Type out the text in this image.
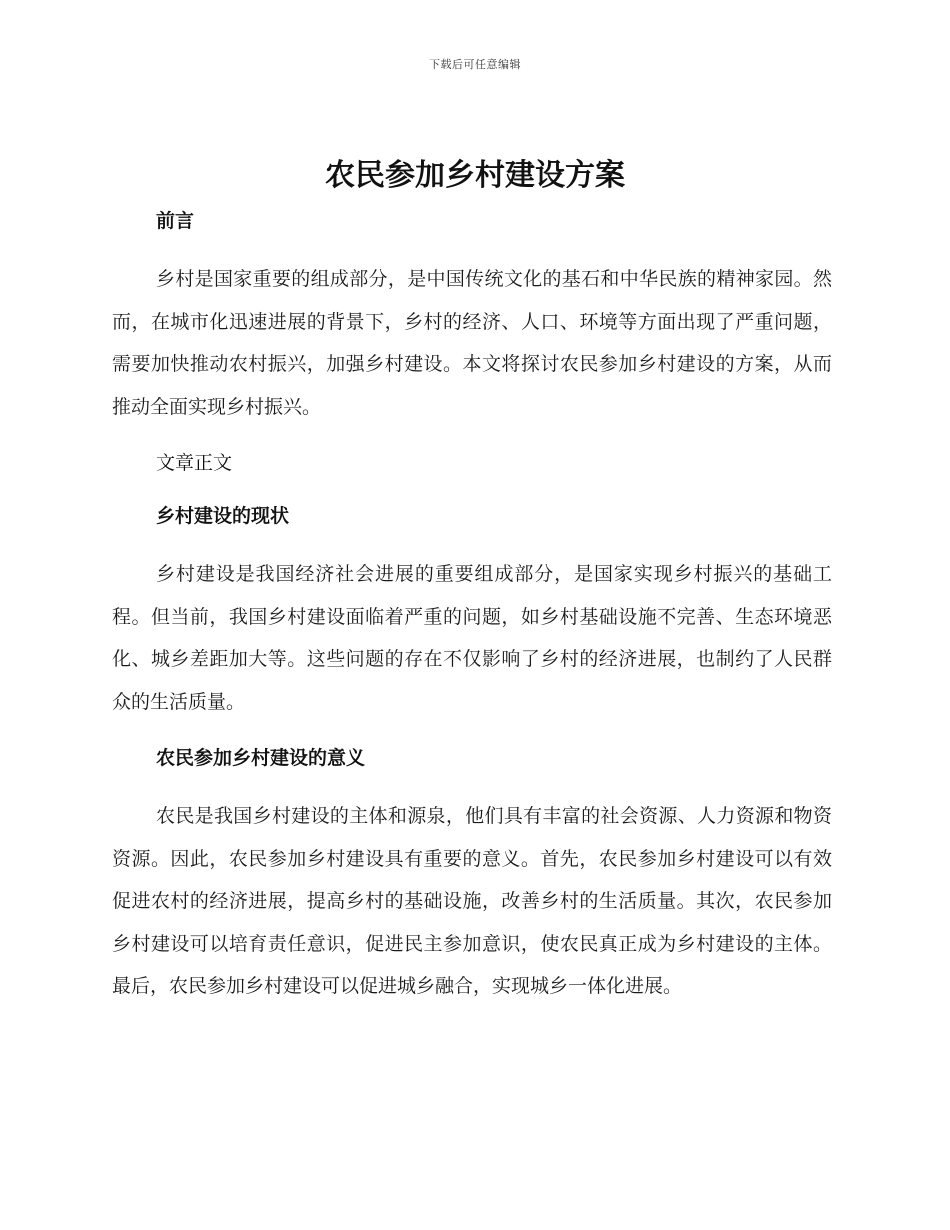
下载后可任意编辑
农民参加乡村建设方案
前言

乡村是国家重要的组成部分，是中国传统文化的基石和中华民族的精神家园。然而，在城市化迅速进展的背景下，乡村的经济、人口、环境等方面出现了严重问题，需要加快推动农村振兴，加强乡村建设。本文将探讨农民参加乡村建设的方案，从而推动全面实现乡村振兴。

文章正文
乡村建设的现状

乡村建设是我国经济社会进展的重要组成部分，是国家实现乡村振兴的基础工程。但当前，我国乡村建设面临着严重的问题，如乡村基础设施不完善、生态环境恶化、城乡差距加大等。这些问题的存在不仅影响了乡村的经济进展，也制约了人民群众的生活质量。

农民参加乡村建设的意义

农民是我国乡村建设的主体和源泉，他们具有丰富的社会资源、人力资源和物资资源。因此，农民参加乡村建设具有重要的意义。首先，农民参加乡村建设可以有效促进农村的经济进展，提高乡村的基础设施，改善乡村的生活质量。其次，农民参加乡村建设可以培育责任意识，促进民主参加意识，使农民真正成为乡村建设的主体。最后，农民参加乡村建设可以促进城乡融合，实现城乡一体化进展。
